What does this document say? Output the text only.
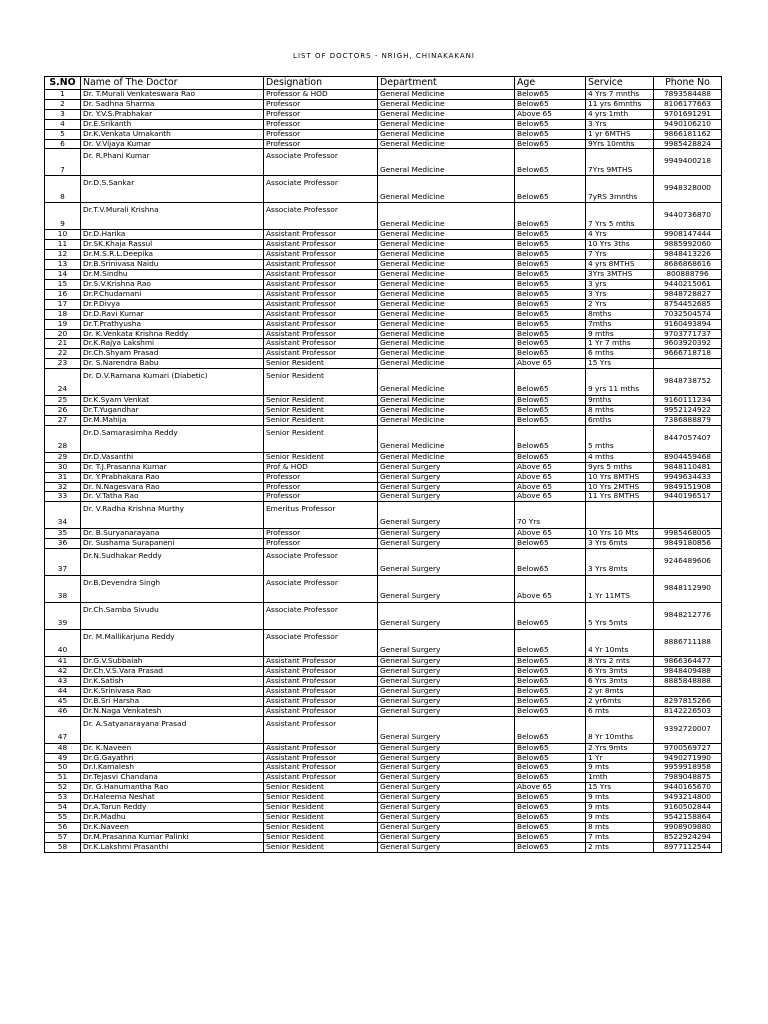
LIST OF DOCTORS - NRIGH, CHINAKAKANI
S.NO	Name of The Doctor	Designation	Department	Age	Service	Phone No
1	Dr. T.Murali Venkateswara Rao	Professor & HOD	General Medicine	Below65	4 Yrs 7 mnths	7893584488
2	Dr. Sadhna Sharma	Professor	General Medicine	Below65	11 yrs 6mnths	8106177663
3	Dr. Y.V.S.Prabhakar	Professor	General Medicine	Above 65	4 yrs 1mth	9701691291
4	Dr.E.Srikanth	Professor	General Medicine	Below65	3 Yrs	9490106210
5	Dr.K.Venkata Umakanth	Professor	General Medicine	Below65	1 yr 6MTHS	9866181162
6	Dr. V.Vijaya Kumar	Professor	General Medicine	Below65	9Yrs 10mths	9985428824
7	Dr. R.Phani Kumar	Associate Professor	General Medicine	Below65	7Yrs 9MTHS	9949400218
8	Dr.D.S.Sankar	Associate Professor	General Medicine	Below65	7yRS 3mnths	9948328000
9	Dr.T.V.Murali Krishna	Associate Professor	General Medicine	Below65	7 Yrs 5 mths	9440736870
10	Dr.D.Harika	Assistant Professor	General Medicine	Below65	4 Yrs	9908147444
11	Dr.SK.Khaja Rassul	Assistant Professor	General Medicine	Below65	10 Yrs 3ths	9885992060
12	Dr.M.S.R.L.Deepika	Assistant Professor	General Medicine	Below65	7 Yrs	9848413226
13	Dr.B.Srinivasa Naidu	Assistant Professor	General Medicine	Below65	4 yrs 8MTHS	8686868616
14	Dr.M.Sindhu	Assistant Professor	General Medicine	Below65	3Yrs 3MTHS	800888796
15	Dr.S.V.Krishna Rao	Assistant Professor	General Medicine	Below65	3 yrs	9440215061
16	Dr.P.Chudamani	Assistant Professor	General Medicine	Below65	3 Yrs	9848728827
17	Dr.P.Divya	Assistant Professor	General Medicine	Below65	2 Yrs	8754452685
18	Dr.D.Ravi Kumar	Assistant Professor	General Medicine	Below65	8mths	7032504574
19	Dr.T.Prathyusha	Assistant Professor	General Medicine	Below65	7mths	9160493894
20	Dr. K.Venkata Krishna Reddy	Assistant Professor	General Medicine	Below65	9 mths	9703771737
21	Dr.K.Rajya Lakshmi	Assistant Professor	General Medicine	Below65	1 Yr 7 mths	9603920392
22	Dr.Ch.Shyam Prasad	Assistant Professor	General Medicine	Below65	6 mths	9666718718
23	Dr. S.Narendra Babu	Senior Resident	General Medicine	Above 65	15 Yrs	
24	Dr. D.V.Ramana Kumari (Diabetic)	Senior Resident	General Medicine	Below65	9 yrs 11 mths	9848738752
25	Dr.K.Syam Venkat	Senior Resident	General Medicine	Below65	9mths	9160111234
26	Dr.T.Yugandhar	Senior Resident	General Medicine	Below65	8 mths	9952124922
27	Dr.M.Mahija	Senior Resident	General Medicine	Below65	6mths	7386888879
28	Dr.D.Samarasimha Reddy	Senior Resident	General Medicine	Below65	5 mths	8447057407
29	Dr.D.Vasanthi	Senior Resident	General Medicine	Below65	4 mths	8904459468
30	Dr. T.J.Prasanna Kumar	Prof & HOD	General Surgery	Above 65	9yrs 5 mths	9848110481
31	Dr. Y.Prabhakara Rao	Professor	General Surgery	Above 65	10 Yrs 8MTHS	9949634433
32	Dr. N.Nagesvara Rao	Professor	General Surgery	Above 65	10 Yrs 2MTHS	9849151908
33	Dr. V.Tatha Rao	Professor	General Surgery	Above 65	11 Yrs 8MTHS	9440196517
34	Dr. V.Radha Krishna Murthy	Emeritus Professor	General Surgery	70 Yrs		
35	Dr. B.Suryanarayana	Professor	General Surgery	Above 65	10 Yrs 10 Mts	9985468005
36	Dr. Sushama Surapaneni	Professor	General Surgery	Below65	3 Yrs 6mts	9849180856
37	Dr.N.Sudhakar Reddy	Associate Professor	General Surgery	Below65	3 Yrs 8mts	9246489606
38	Dr.B.Devendra Singh	Associate Professor	General Surgery	Above 65	1 Yr 11MTS	9848112990
39	Dr.Ch.Samba Sivudu	Associate Professor	General Surgery	Below65	5 Yrs 5mts	9848212776
40	Dr. M.Mallikarjuna Reddy	Associate Professor	General Surgery	Below65	4 Yr 10mts	8886711188
41	Dr.G.V.Subbaiah	Assistant Professor	General Surgery	Below65	8 Yrs 2 mts	9866364477
42	Dr.Ch.V.S.Vara Prasad	Assistant Professor	General Surgery	Below65	6 Yrs 3mts	9848409488
43	Dr.K.Satish	Assistant Professor	General Surgery	Below65	6 Yrs 3mts	8885848888
44	Dr.K.Srinivasa Rao	Assistant Professor	General Surgery	Below65	2 yr 8mts	
45	Dr.B.Sri Harsha	Assistant Professor	General Surgery	Below65	2 yr6mts	8297815266
46	Dr.N.Naga Venkatesh	Assistant Professor	General Surgery	Below65	6 mts	8142226503
47	Dr. A.Satyanarayana Prasad	Assistant Professor	General Surgery	Below65	8 Yr 10mths	9392720007
48	Dr. K.Naveen	Assistant Professor	General Surgery	Below65	2 Yrs 9mts	9700569727
49	Dr.G.Gayathri	Assistant Professor	General Surgery	Below65	1 Yr	9490271990
50	Dr.I.Kamalesh	Assistant Professor	General Surgery	Below65	9 mts	9959918958
51	Dr.Tejasvi Chandana	Assistant Professor	General Surgery	Below65	1mth	7989048875
52	Dr. G.Hanumantha Rao	Senior Resident	General Surgery	Above 65	15 Yrs	9440165670
53	Dr.Haleema Neshat	Senior Resident	General Surgery	Below65	9 mts	9493214800
54	Dr.A.Tarun Reddy	Senior Resident	General Surgery	Below65	9 mts	9160502844
55	Dr.R.Madhu	Senior Resident	General Surgery	Below65	9 mts	9542158864
56	Dr.K.Naveen	Senior Resident	General Surgery	Below65	8 mts	9908909880
57	Dr.M.Prasanna Kumar Palinki	Senior Resident	General Surgery	Below65	7 mts	8522924294
58	Dr.K.Lakshmi Prasanthi	Senior Resident	General Surgery	Below65	2 mts	8977112544
